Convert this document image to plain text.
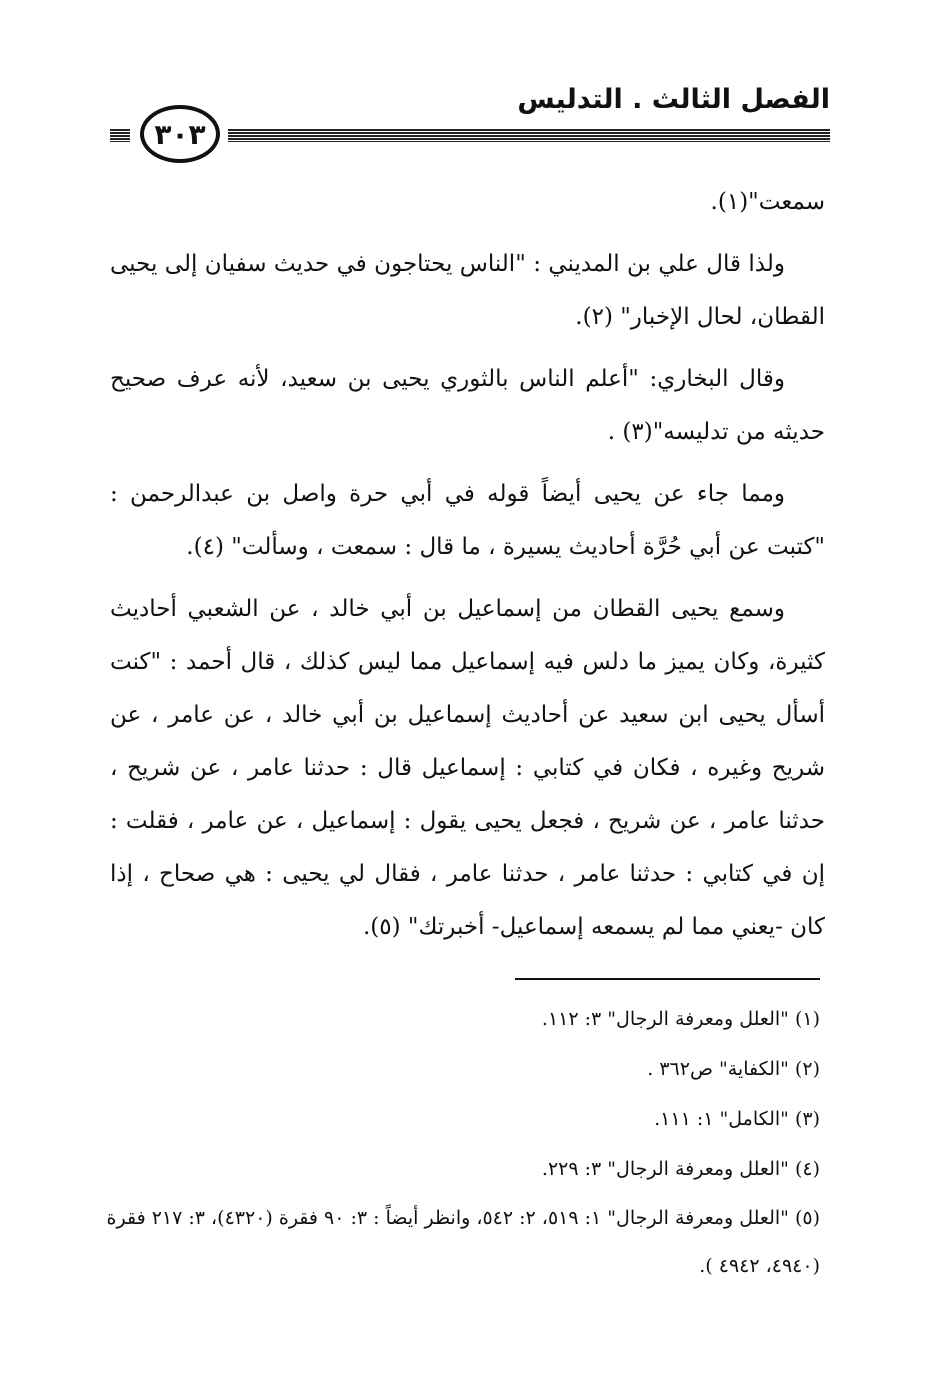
الفصل الثالث . التدليس
٣٠٣

سمعت"(١).

ولذا قال علي بن المديني : "الناس يحتاجون في حديث سفيان إلى يحيى القطان، لحال الإخبار" (٢).

وقال البخاري: "أعلم الناس بالثوري يحيى بن سعيد، لأنه عرف صحيح حديثه من تدليسه"(٣) .

ومما جاء عن يحيى أيضاً قوله في أبي حرة واصل بن عبدالرحمن : "كتبت عن أبي حُرَّة أحاديث يسيرة ، ما قال : سمعت ، وسألت" (٤).

وسمع يحيى القطان من إسماعيل بن أبي خالد ، عن الشعبي أحاديث كثيرة، وكان يميز ما دلس فيه إسماعيل مما ليس كذلك ، قال أحمد : "كنت أسأل يحيى ابن سعيد عن أحاديث إسماعيل بن أبي خالد ، عن عامر ، عن شريح وغيره ، فكان في كتابي : إسماعيل قال : حدثنا عامر ، عن شريح ، حدثنا عامر ، عن شريح ، فجعل يحيى يقول : إسماعيل ، عن عامر ، فقلت : إن في كتابي : حدثنا عامر ، حدثنا عامر ، فقال لي يحيى : هي صحاح ، إذا كان -يعني مما لم يسمعه إسماعيل- أخبرتك" (٥).

(١) "العلل ومعرفة الرجال" ٣: ١١٢.

(٢) "الكفاية" ص٣٦٢ .

(٣) "الكامل" ١: ١١١.

(٤) "العلل ومعرفة الرجال" ٣: ٢٢٩.

(٥) "العلل ومعرفة الرجال" ١: ٥١٩، ٢: ٥٤٢، وانظر أيضاً : ٣: ٩٠ فقرة (٤٣٢٠)، ٣: ٢١٧ فقرة (٤٩٤٠، ٤٩٤٢ ).
